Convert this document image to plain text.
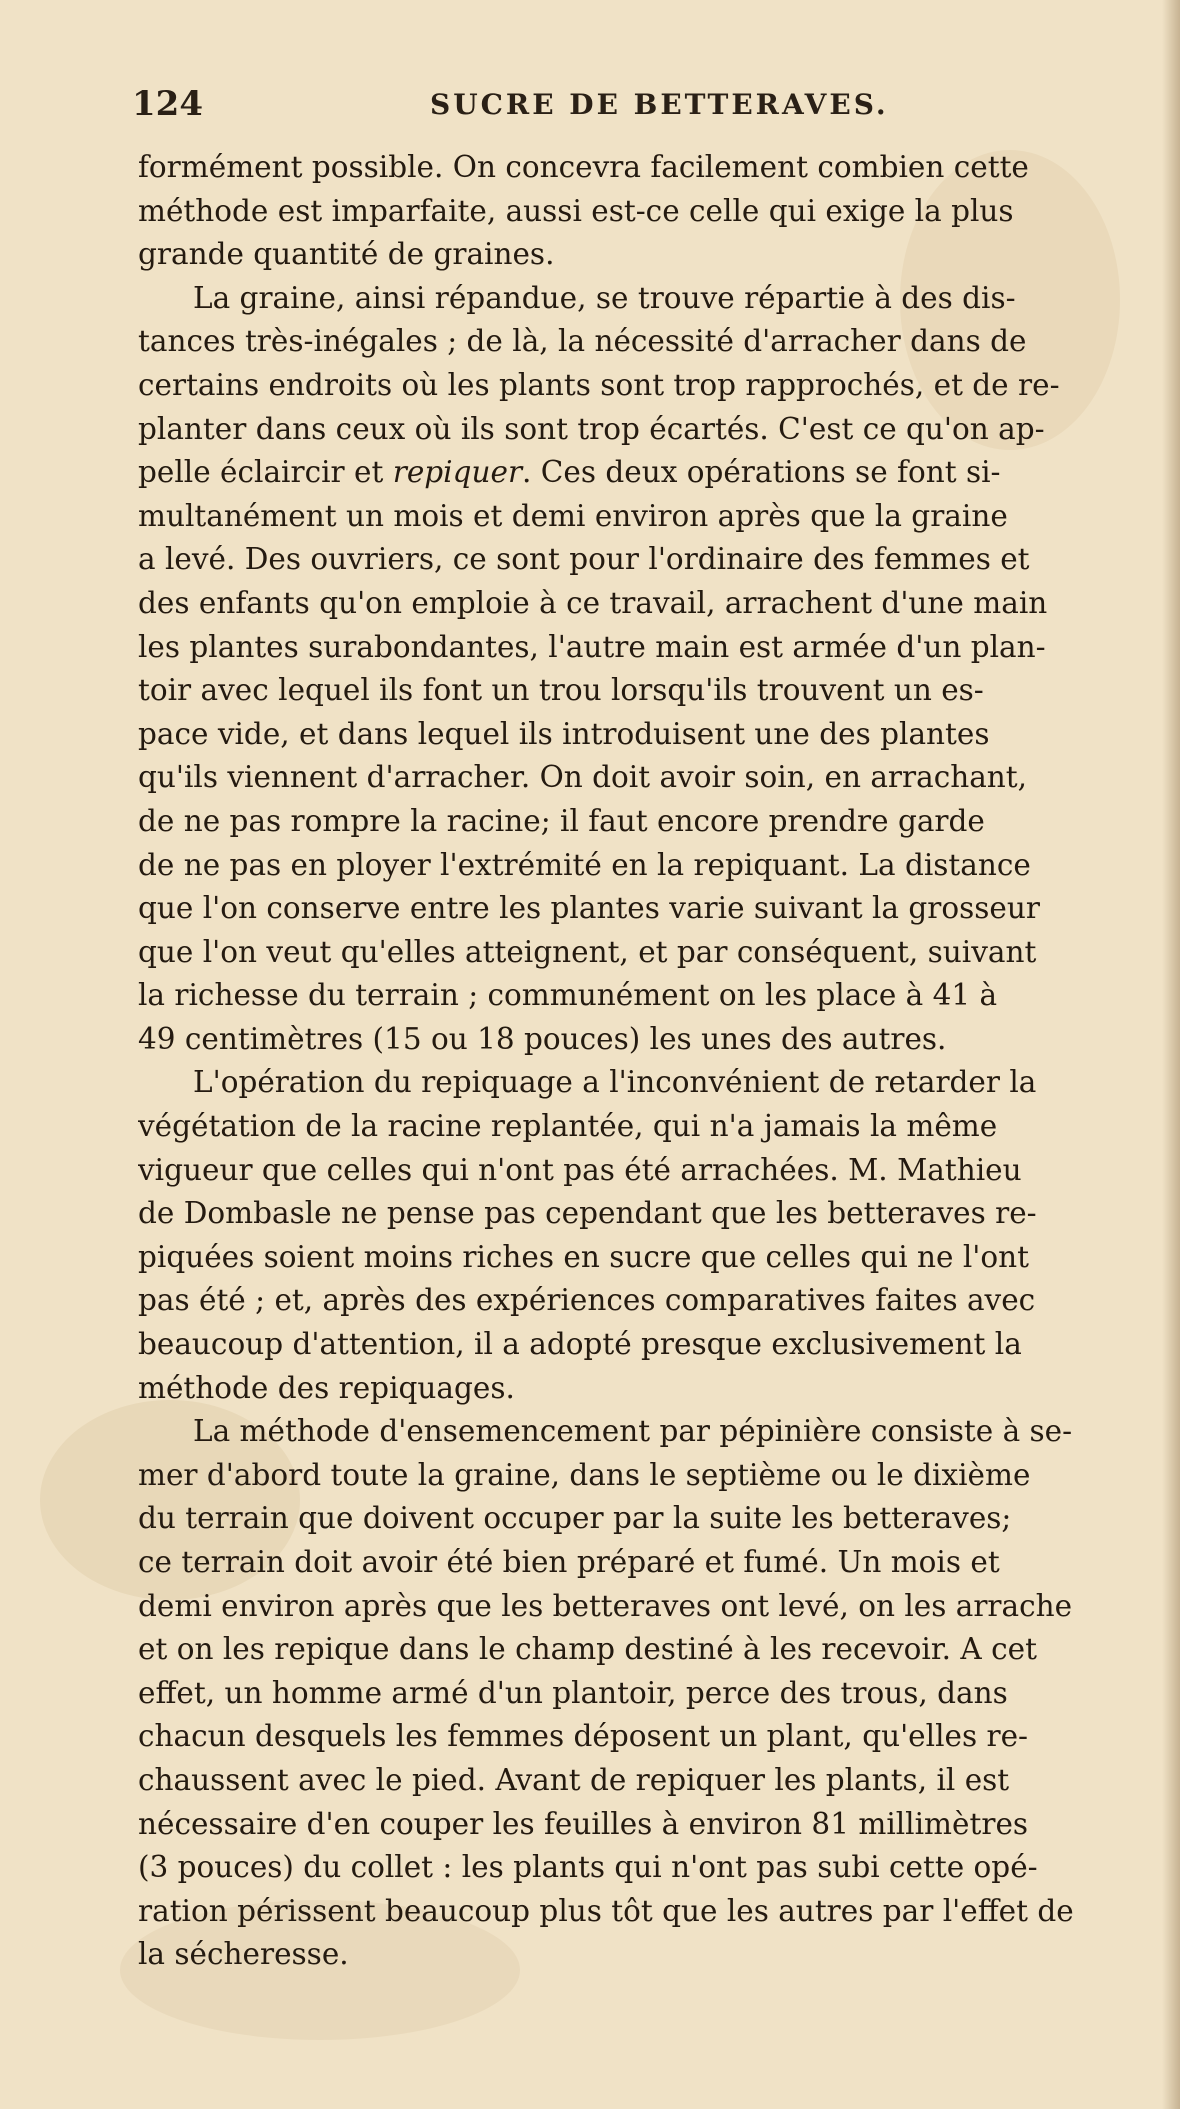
124	SUCRE DE BETTERAVES.
formément possible. On concevra facilement combien cette
méthode est imparfaite, aussi est-ce celle qui exige la plus
grande quantité de graines.
La graine, ainsi répandue, se trouve répartie à des dis-
tances très-inégales ; de là, la nécessité d'arracher dans de
certains endroits où les plants sont trop rapprochés, et de re-
planter dans ceux où ils sont trop écartés. C'est ce qu'on ap-
pelle éclaircir et repiquer. Ces deux opérations se font si-
multanément un mois et demi environ après que la graine
a levé. Des ouvriers, ce sont pour l'ordinaire des femmes et
des enfants qu'on emploie à ce travail, arrachent d'une main
les plantes surabondantes, l'autre main est armée d'un plan-
toir avec lequel ils font un trou lorsqu'ils trouvent un es-
pace vide, et dans lequel ils introduisent une des plantes
qu'ils viennent d'arracher. On doit avoir soin, en arrachant,
de ne pas rompre la racine; il faut encore prendre garde
de ne pas en ployer l'extrémité en la repiquant. La distance
que l'on conserve entre les plantes varie suivant la grosseur
que l'on veut qu'elles atteignent, et par conséquent, suivant
la richesse du terrain ; communément on les place à 41 à
49 centimètres (15 ou 18 pouces) les unes des autres.
L'opération du repiquage a l'inconvénient de retarder la
végétation de la racine replantée, qui n'a jamais la même
vigueur que celles qui n'ont pas été arrachées. M. Mathieu
de Dombasle ne pense pas cependant que les betteraves re-
piquées soient moins riches en sucre que celles qui ne l'ont
pas été ; et, après des expériences comparatives faites avec
beaucoup d'attention, il a adopté presque exclusivement la
méthode des repiquages.
La méthode d'ensemencement par pépinière consiste à se-
mer d'abord toute la graine, dans le septième ou le dixième
du terrain que doivent occuper par la suite les betteraves;
ce terrain doit avoir été bien préparé et fumé. Un mois et
demi environ après que les betteraves ont levé, on les arrache
et on les repique dans le champ destiné à les recevoir. A cet
effet, un homme armé d'un plantoir, perce des trous, dans
chacun desquels les femmes déposent un plant, qu'elles re-
chaussent avec le pied. Avant de repiquer les plants, il est
nécessaire d'en couper les feuilles à environ 81 millimètres
(3 pouces) du collet : les plants qui n'ont pas subi cette opé-
ration périssent beaucoup plus tôt que les autres par l'effet de
la sécheresse.
